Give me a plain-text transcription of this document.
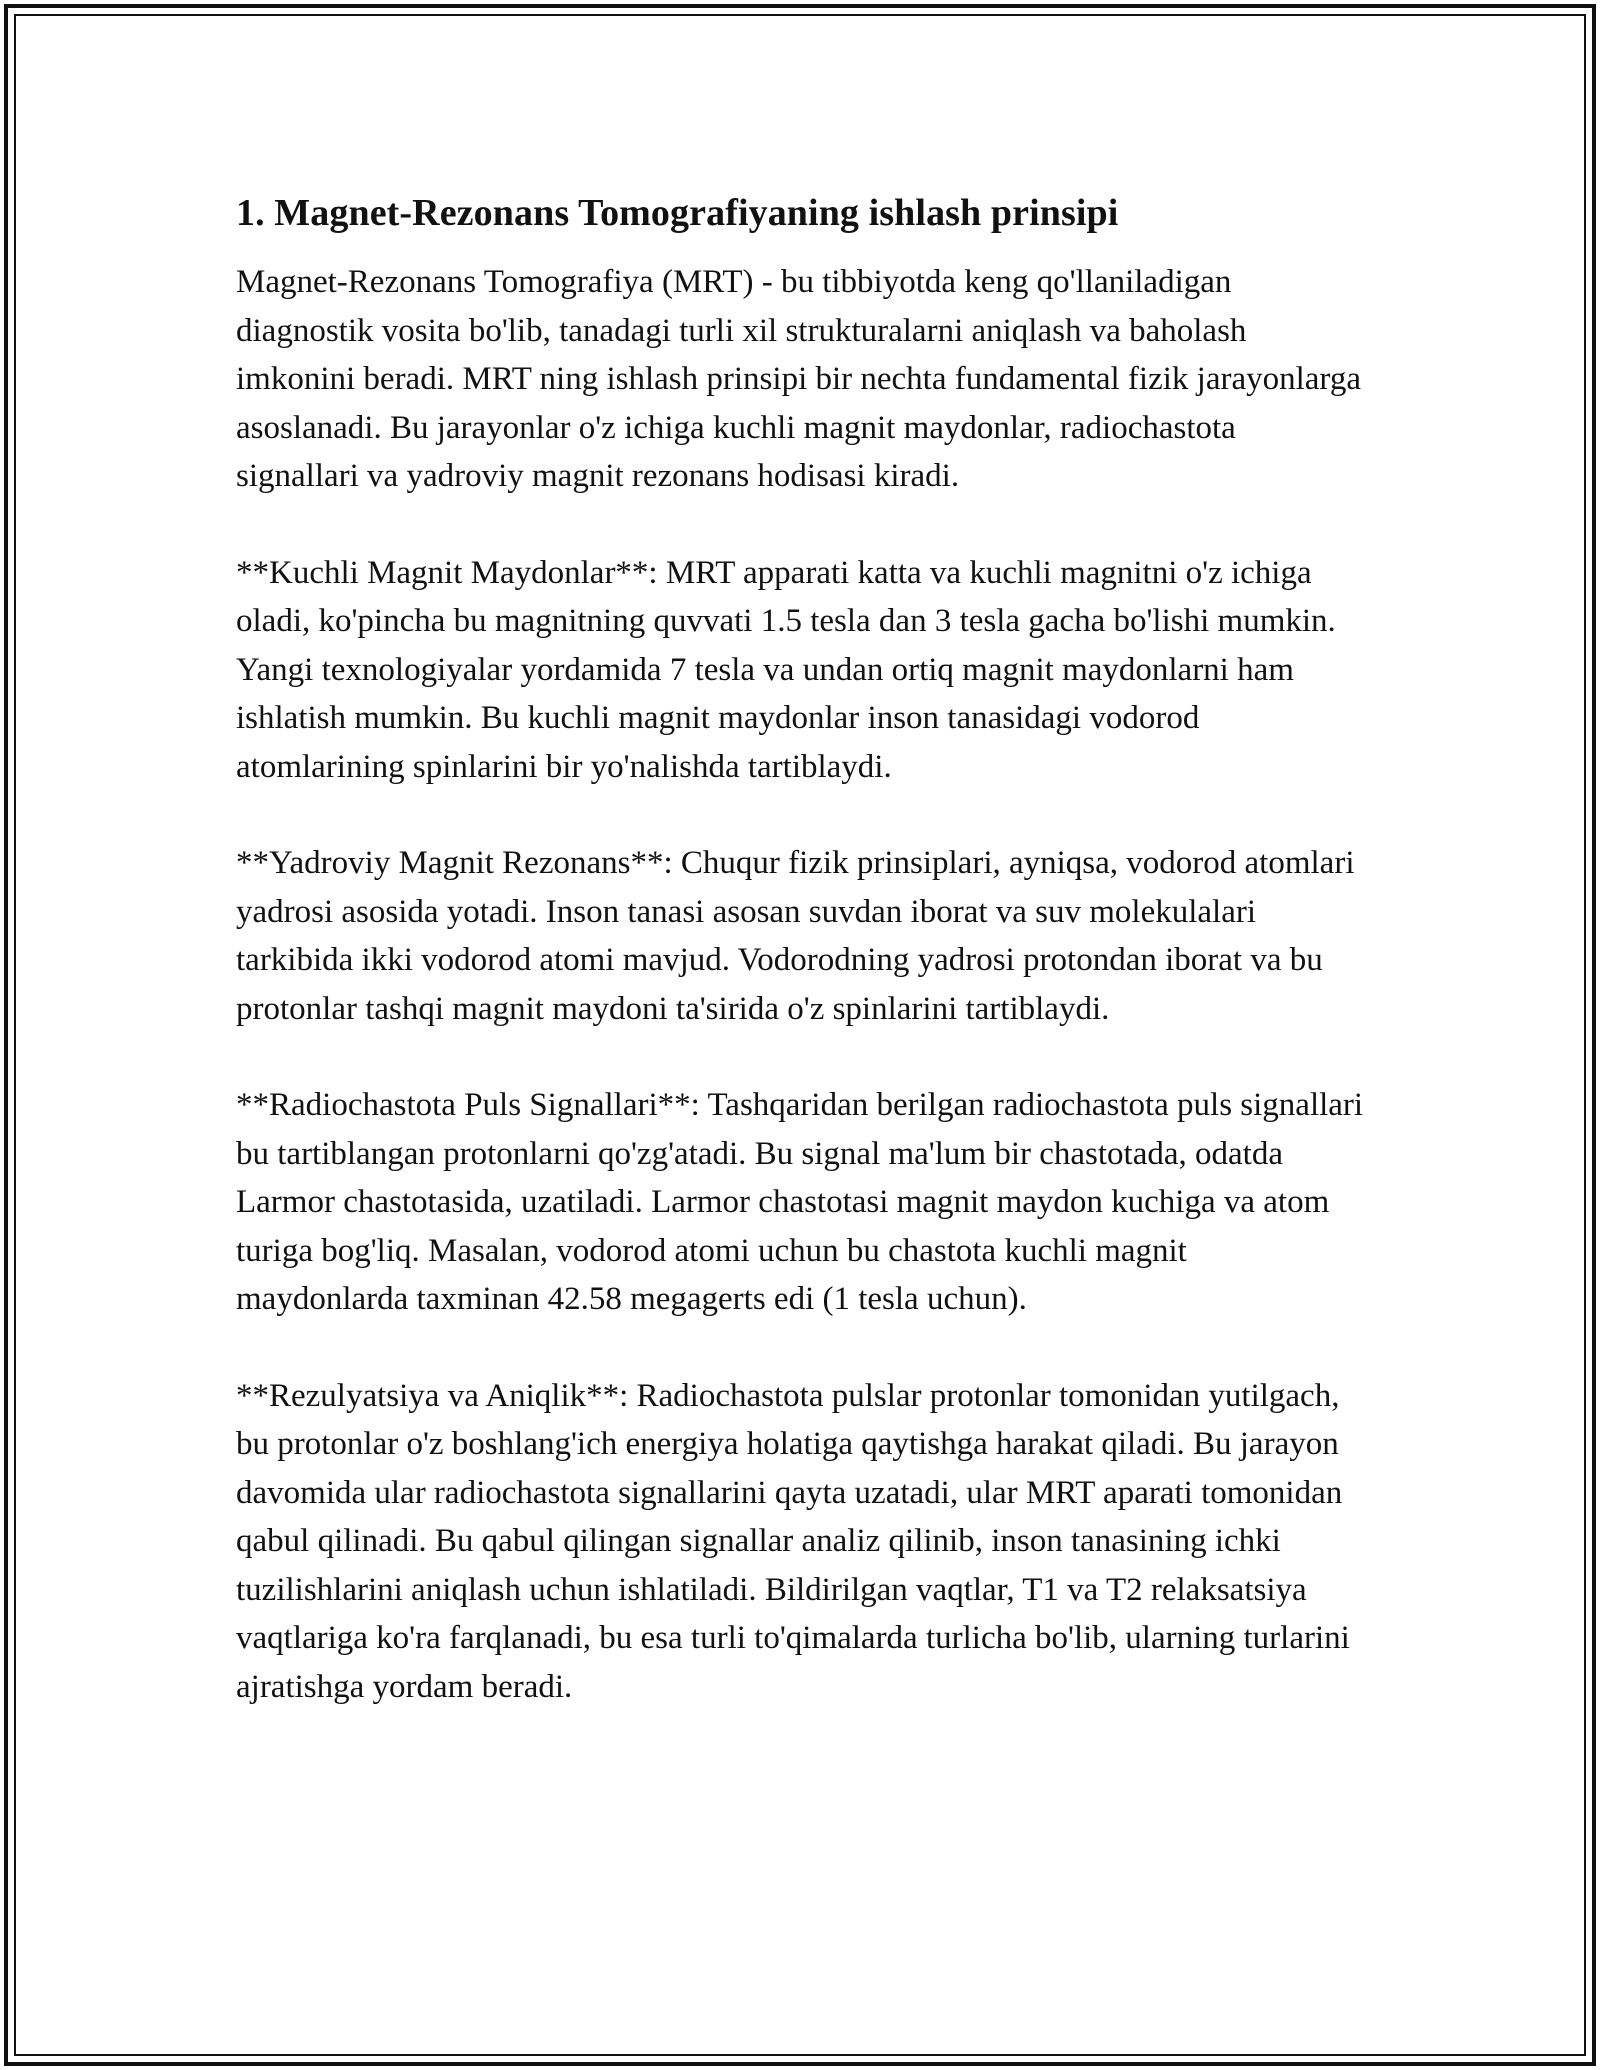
1. Magnet-Rezonans Tomografiyaning ishlash prinsipi

Magnet-Rezonans Tomografiya (MRT) - bu tibbiyotda keng qo'llaniladigan diagnostik vosita bo'lib, tanadagi turli xil strukturalarni aniqlash va baholash imkonini beradi. MRT ning ishlash prinsipi bir nechta fundamental fizik jarayonlarga asoslanadi. Bu jarayonlar o'z ichiga kuchli magnit maydonlar, radiochastota signallari va yadroviy magnit rezonans hodisasi kiradi.

**Kuchli Magnit Maydonlar**: MRT apparati katta va kuchli magnitni o'z ichiga oladi, ko'pincha bu magnitning quvvati 1.5 tesla dan 3 tesla gacha bo'lishi mumkin. Yangi texnologiyalar yordamida 7 tesla va undan ortiq magnit maydonlarni ham ishlatish mumkin. Bu kuchli magnit maydonlar inson tanasidagi vodorod atomlarining spinlarini bir yo'nalishda tartiblaydi.

**Yadroviy Magnit Rezonans**: Chuqur fizik prinsiplari, ayniqsa, vodorod atomlari yadrosi asosida yotadi. Inson tanasi asosan suvdan iborat va suv molekulalari tarkibida ikki vodorod atomi mavjud. Vodorodning yadrosi protondan iborat va bu protonlar tashqi magnit maydoni ta'sirida o'z spinlarini tartiblaydi.

**Radiochastota Puls Signallari**: Tashqaridan berilgan radiochastota puls signallari bu tartiblangan protonlarni qo'zg'atadi. Bu signal ma'lum bir chastotada, odatda Larmor chastotasida, uzatiladi. Larmor chastotasi magnit maydon kuchiga va atom turiga bog'liq. Masalan, vodorod atomi uchun bu chastota kuchli magnit maydonlarda taxminan 42.58 megagerts edi (1 tesla uchun).

**Rezulyatsiya va Aniqlik**: Radiochastota pulslar protonlar tomonidan yutilgach, bu protonlar o'z boshlang'ich energiya holatiga qaytishga harakat qiladi. Bu jarayon davomida ular radiochastota signallarini qayta uzatadi, ular MRT aparati tomonidan qabul qilinadi. Bu qabul qilingan signallar analiz qilinib, inson tanasining ichki tuzilishlarini aniqlash uchun ishlatiladi. Bildirilgan vaqtlar, T1 va T2 relaksatsiya vaqtlariga ko'ra farqlanadi, bu esa turli to'qimalarda turlicha bo'lib, ularning turlarini ajratishga yordam beradi.
